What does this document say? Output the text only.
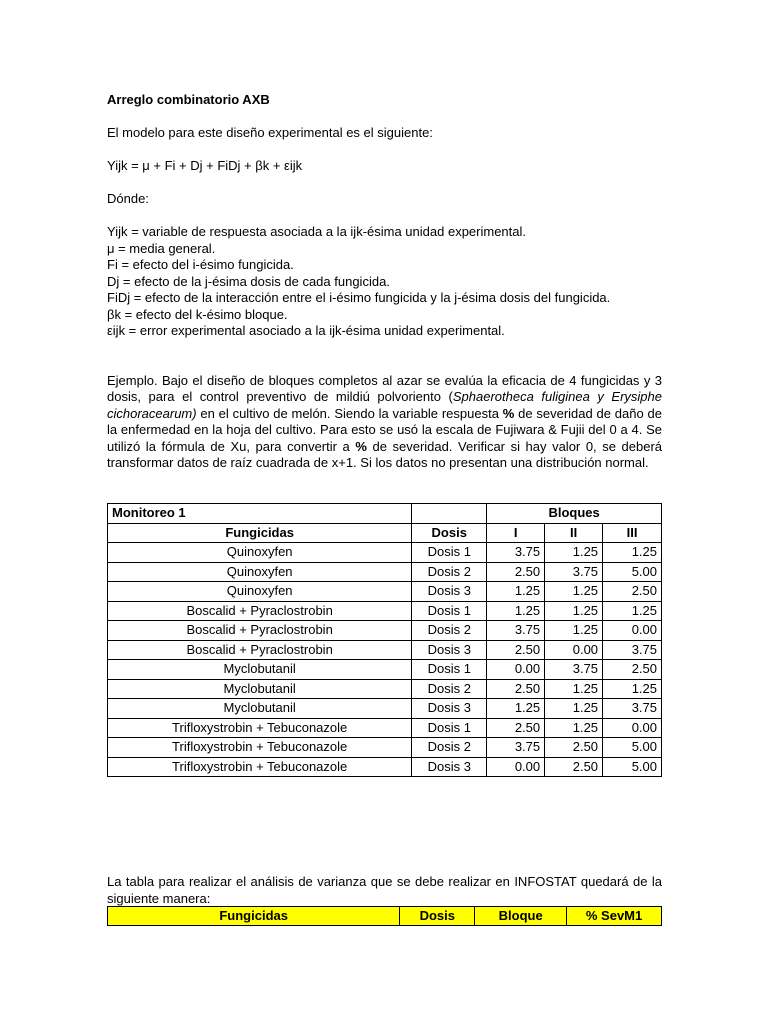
Arreglo combinatorio AXB

El modelo para este diseño experimental es el siguiente:

Yijk = μ + Fi + Dj + FiDj + βk + εijk

Dónde:

Yijk = variable de respuesta asociada a la ijk-ésima unidad experimental.

μ = media general.

Fi = efecto del i-ésimo fungicida.

Dj = efecto de la j-ésima dosis de cada fungicida.

FiDj = efecto de la interacción entre el i-ésimo fungicida y la j-ésima dosis del fungicida.

βk = efecto del k-ésimo bloque.

εijk = error experimental asociado a la ijk-ésima unidad experimental.

Ejemplo. Bajo el diseño de bloques completos al azar se evalúa la eficacia de 4 fungicidas y 3 dosis, para el control preventivo de mildiú polvoriento (Sphaerotheca fuliginea y Erysiphe cichoracearum) en el cultivo de melón. Siendo la variable respuesta % de severidad de daño de la enfermedad en la hoja del cultivo. Para esto se usó la escala de Fujiwara & Fujii del 0 a 4. Se utilizó la fórmula de Xu, para convertir a % de severidad. Verificar si hay valor 0, se deberá transformar datos de raíz cuadrada de x+1. Si los datos no presentan una distribución normal.

Monitoreo 1		Bloques		
Fungicidas	Dosis	I	II	III
Quinoxyfen	Dosis 1	3.75	1.25	1.25
Quinoxyfen	Dosis 2	2.50	3.75	5.00
Quinoxyfen	Dosis 3	1.25	1.25	2.50
Boscalid + Pyraclostrobin	Dosis 1	1.25	1.25	1.25
Boscalid + Pyraclostrobin	Dosis 2	3.75	1.25	0.00
Boscalid + Pyraclostrobin	Dosis 3	2.50	0.00	3.75
Myclobutanil	Dosis 1	0.00	3.75	2.50
Myclobutanil	Dosis 2	2.50	1.25	1.25
Myclobutanil	Dosis 3	1.25	1.25	3.75
Trifloxystrobin + Tebuconazole	Dosis 1	2.50	1.25	0.00
Trifloxystrobin + Tebuconazole	Dosis 2	3.75	2.50	5.00
Trifloxystrobin + Tebuconazole	Dosis 3	0.00	2.50	5.00

La tabla para realizar el análisis de varianza que se debe realizar en INFOSTAT quedará de la siguiente manera:

Fungicidas	Dosis	Bloque	% SevM1
